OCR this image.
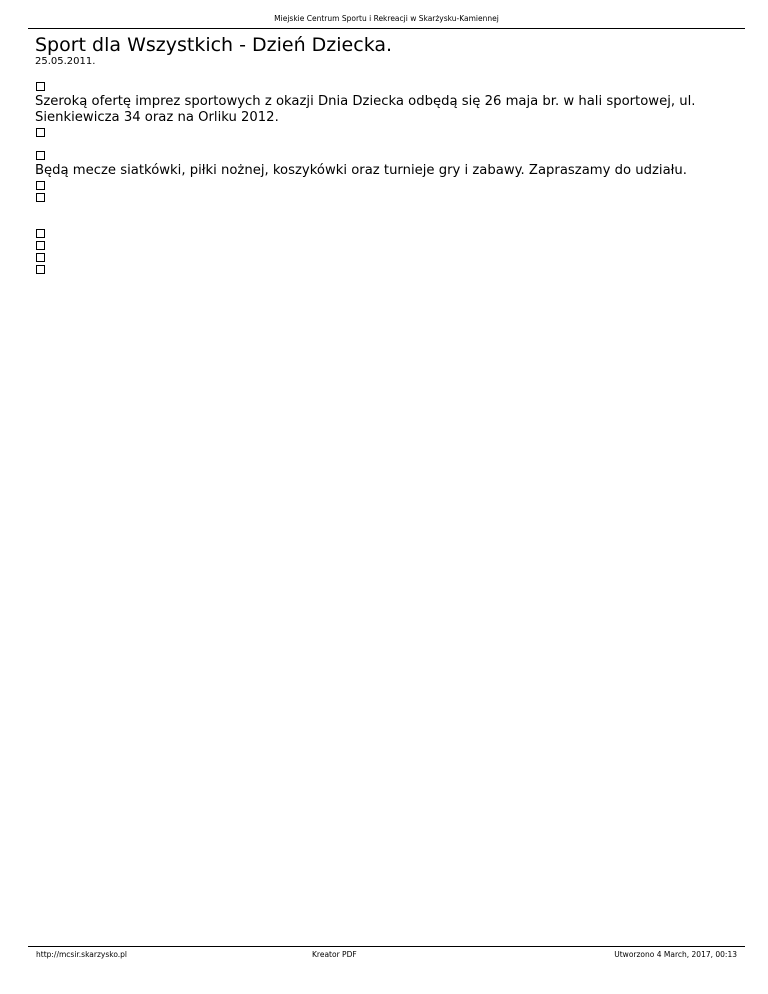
Miejskie Centrum Sportu i Rekreacji w Skarżysku-Kamiennej
Sport dla Wszystkich - Dzień Dziecka.

25.05.2011.

Szeroką ofertę imprez sportowych z okazji Dnia Dziecka odbędą się 26 maja br. w hali sportowej, ul. Sienkiewicza 34 oraz na Orliku 2012.

Będą mecze siatkówki, piłki nożnej, koszykówki oraz turnieje gry i zabawy. Zapraszamy do udziału.

http://mcsir.skarzysko.pl	Kreator PDF	Utworzono 4 March, 2017, 00:13
